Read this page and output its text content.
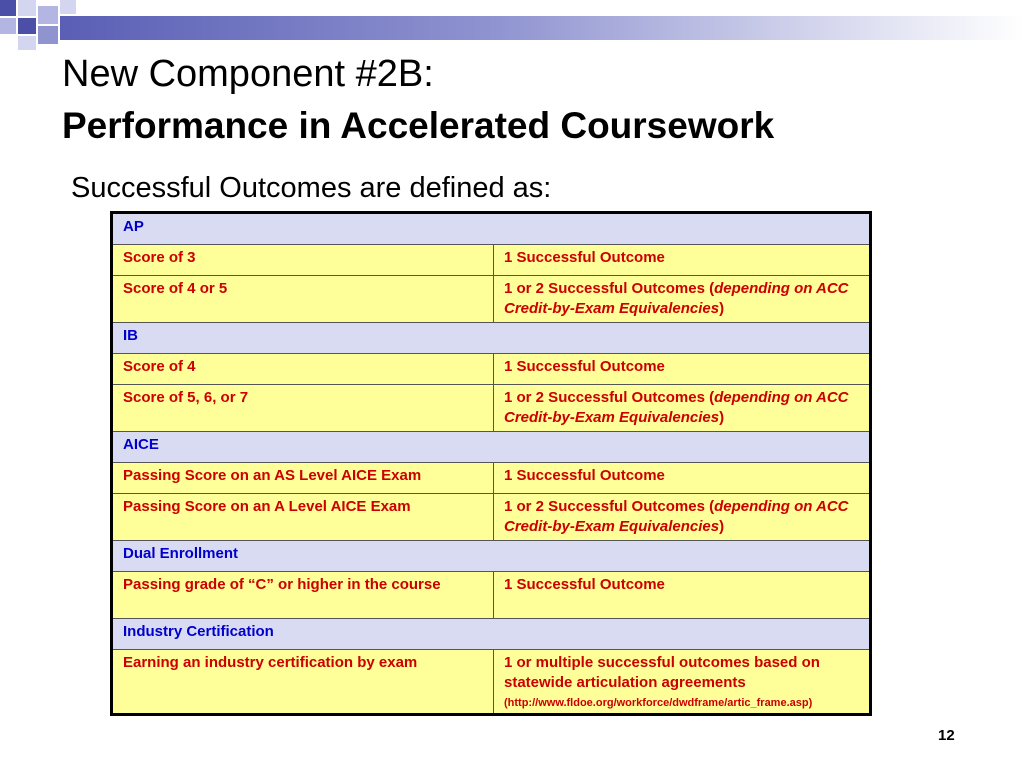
New Component #2B:
Performance in Accelerated Coursework
Successful Outcomes are defined as:
AP	
Score of 3	1 Successful Outcome
Score of 4 or 5	1 or 2 Successful Outcomes (depending on ACC Credit-by-Exam Equivalencies)
IB	
Score of 4	1 Successful Outcome
Score of 5, 6, or 7	1 or 2 Successful Outcomes (depending on ACC Credit-by-Exam Equivalencies)
AICE	
Passing Score on an AS Level AICE Exam	1 Successful Outcome
Passing Score on an A Level AICE Exam	1 or 2 Successful Outcomes (depending on ACC Credit-by-Exam Equivalencies)
Dual Enrollment	
Passing grade of “C” or higher in the course	1 Successful Outcome
Industry Certification	
Earning an industry certification by exam	1 or multiple successful outcomes based on statewide articulation agreements
(http://www.fldoe.org/workforce/dwdframe/artic_frame.asp)
12
